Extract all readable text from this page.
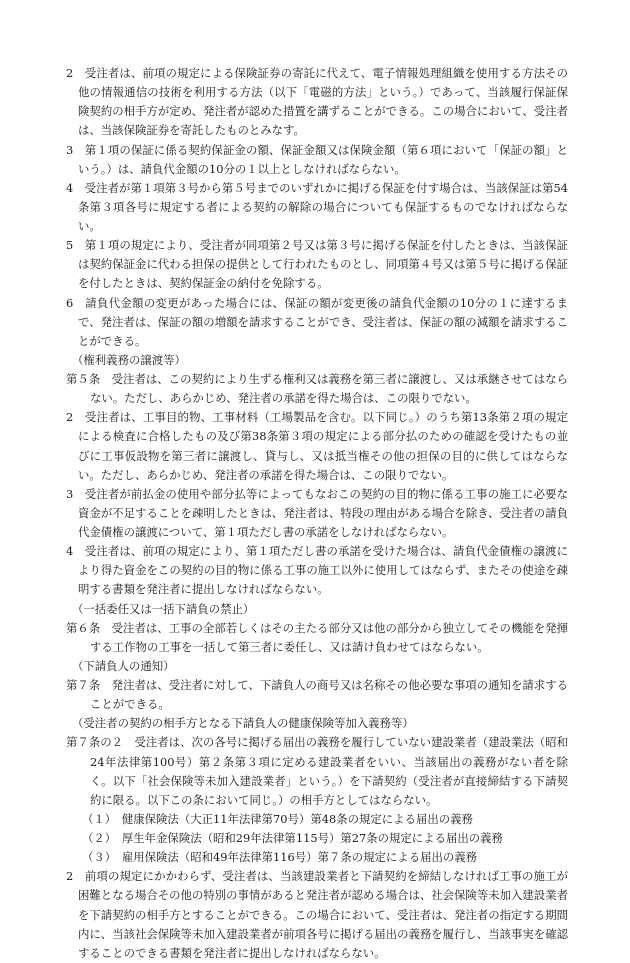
2　受注者は、前項の規定による保険証券の寄託に代えて、電子情報処理組織を使用する方法その他の情報通信の技術を利用する方法（以下「電磁的方法」という。）であって、当該履行保証保険契約の相手方が定め、発注者が認めた措置を講ずることができる。この場合において、受注者は、当該保険証券を寄託したものとみなす。

3　第１項の保証に係る契約保証金の額、保証金額又は保険金額（第６項において「保証の額」という。）は、請負代金額の10分の１以上としなければならない。

4　受注者が第１項第３号から第５号までのいずれかに掲げる保証を付す場合は、当該保証は第54条第３項各号に規定する者による契約の解除の場合についても保証するものでなければならない。

5　第１項の規定により、受注者が同項第２号又は第３号に掲げる保証を付したときは、当該保証は契約保証金に代わる担保の提供として行われたものとし、同項第４号又は第５号に掲げる保証を付したときは、契約保証金の納付を免除する。

6　請負代金額の変更があった場合には、保証の額が変更後の請負代金額の10分の１に達するまで、発注者は、保証の額の増額を請求することができ、受注者は、保証の額の減額を請求することができる。

（権利義務の譲渡等）

第５条　受注者は、この契約により生ずる権利又は義務を第三者に譲渡し、又は承継させてはならない。ただし、あらかじめ、発注者の承諾を得た場合は、この限りでない。

2　受注者は、工事目的物、工事材料（工場製品を含む。以下同じ。）のうち第13条第２項の規定による検査に合格したもの及び第38条第３項の規定による部分払のための確認を受けたもの並びに工事仮設物を第三者に譲渡し、貸与し、又は抵当権その他の担保の目的に供してはならない。ただし、あらかじめ、発注者の承諾を得た場合は、この限りでない。

3　受注者が前払金の使用や部分払等によってもなおこの契約の目的物に係る工事の施工に必要な資金が不足することを疎明したときは、発注者は、特段の理由がある場合を除き、受注者の請負代金債権の譲渡について、第１項ただし書の承諾をしなければならない。

4　受注者は、前項の規定により、第１項ただし書の承諾を受けた場合は、請負代金債権の譲渡により得た資金をこの契約の目的物に係る工事の施工以外に使用してはならず、またその使途を疎明する書類を発注者に提出しなければならない。

（一括委任又は一括下請負の禁止）

第６条　受注者は、工事の全部若しくはその主たる部分又は他の部分から独立してその機能を発揮する工作物の工事を一括して第三者に委任し、又は請け負わせてはならない。

（下請負人の通知）

第７条　発注者は、受注者に対して、下請負人の商号又は名称その他必要な事項の通知を請求することができる。

（受注者の契約の相手方となる下請負人の健康保険等加入義務等）

第７条の２　受注者は、次の各号に掲げる届出の義務を履行していない建設業者（建設業法（昭和24年法律第100号）第２条第３項に定める建設業者をいい、当該届出の義務がない者を除く。以下「社会保険等未加入建設業者」という。）を下請契約（受注者が直接締結する下請契約に限る。以下この条において同じ。）の相手方としてはならない。

（１）　健康保険法（大正11年法律第70号）第48条の規定による届出の義務

（２）　厚生年金保険法（昭和29年法律第115号）第27条の規定による届出の義務

（３）　雇用保険法（昭和49年法律第116号）第７条の規定による届出の義務

2　前項の規定にかかわらず、受注者は、当該建設業者と下請契約を締結しなければ工事の施工が困難となる場合その他の特別の事情があると発注者が認める場合は、社会保険等未加入建設業者を下請契約の相手方とすることができる。この場合において、受注者は、発注者の指定する期間内に、当該社会保険等未加入建設業者が前項各号に掲げる届出の義務を履行し、当該事実を確認することのできる書類を発注者に提出しなければならない。
